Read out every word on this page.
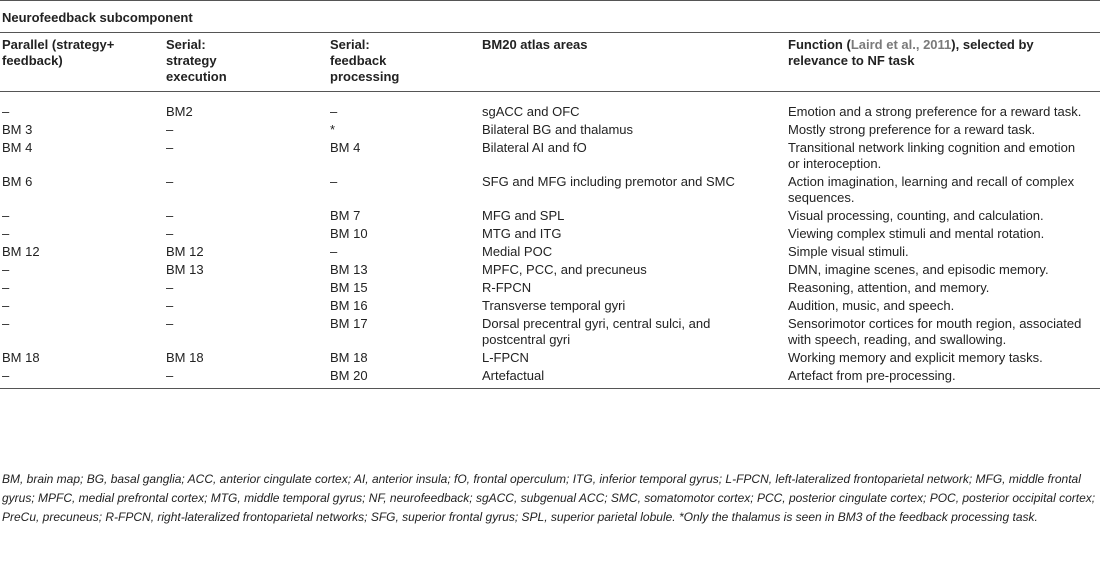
Neurofeedback subcomponent				
Parallel (strategy+ feedback)	Serial: strategy execution	Serial: feedback processing	BM20 atlas areas	Function (Laird et al., 2011), selected by relevance to NF task
–	BM2	–	sgACC and OFC	Emotion and a strong preference for a reward task.
BM 3	–	*	Bilateral BG and thalamus	Mostly strong preference for a reward task.
BM 4	–	BM 4	Bilateral AI and fO	Transitional network linking cognition and emotion or interoception.
BM 6	–	–	SFG and MFG including premotor and SMC	Action imagination, learning and recall of complex sequences.
–	–	BM 7	MFG and SPL	Visual processing, counting, and calculation.
–	–	BM 10	MTG and ITG	Viewing complex stimuli and mental rotation.
BM 12	BM 12	–	Medial POC	Simple visual stimuli.
–	BM 13	BM 13	MPFC, PCC, and precuneus	DMN, imagine scenes, and episodic memory.
–	–	BM 15	R-FPCN	Reasoning, attention, and memory.
–	–	BM 16	Transverse temporal gyri	Audition, music, and speech.
–	–	BM 17	Dorsal precentral gyri, central sulci, and postcentral gyri	Sensorimotor cortices for mouth region, associated with speech, reading, and swallowing.
BM 18	BM 18	BM 18	L-FPCN	Working memory and explicit memory tasks.
–	–	BM 20	Artefactual	Artefact from pre-processing.
BM, brain map; BG, basal ganglia; ACC, anterior cingulate cortex; AI, anterior insula; fO, frontal operculum; ITG, inferior temporal gyrus; L-FPCN, left-lateralized frontoparietal network; MFG, middle frontal gyrus; MPFC, medial prefrontal cortex; MTG, middle temporal gyrus; NF, neurofeedback; sgACC, subgenual ACC; SMC, somatomotor cortex; PCC, posterior cingulate cortex; POC, posterior occipital cortex; PreCu, precuneus; R-FPCN, right-lateralized frontoparietal networks; SFG, superior frontal gyrus; SPL, superior parietal lobule. *Only the thalamus is seen in BM3 of the feedback processing task.
